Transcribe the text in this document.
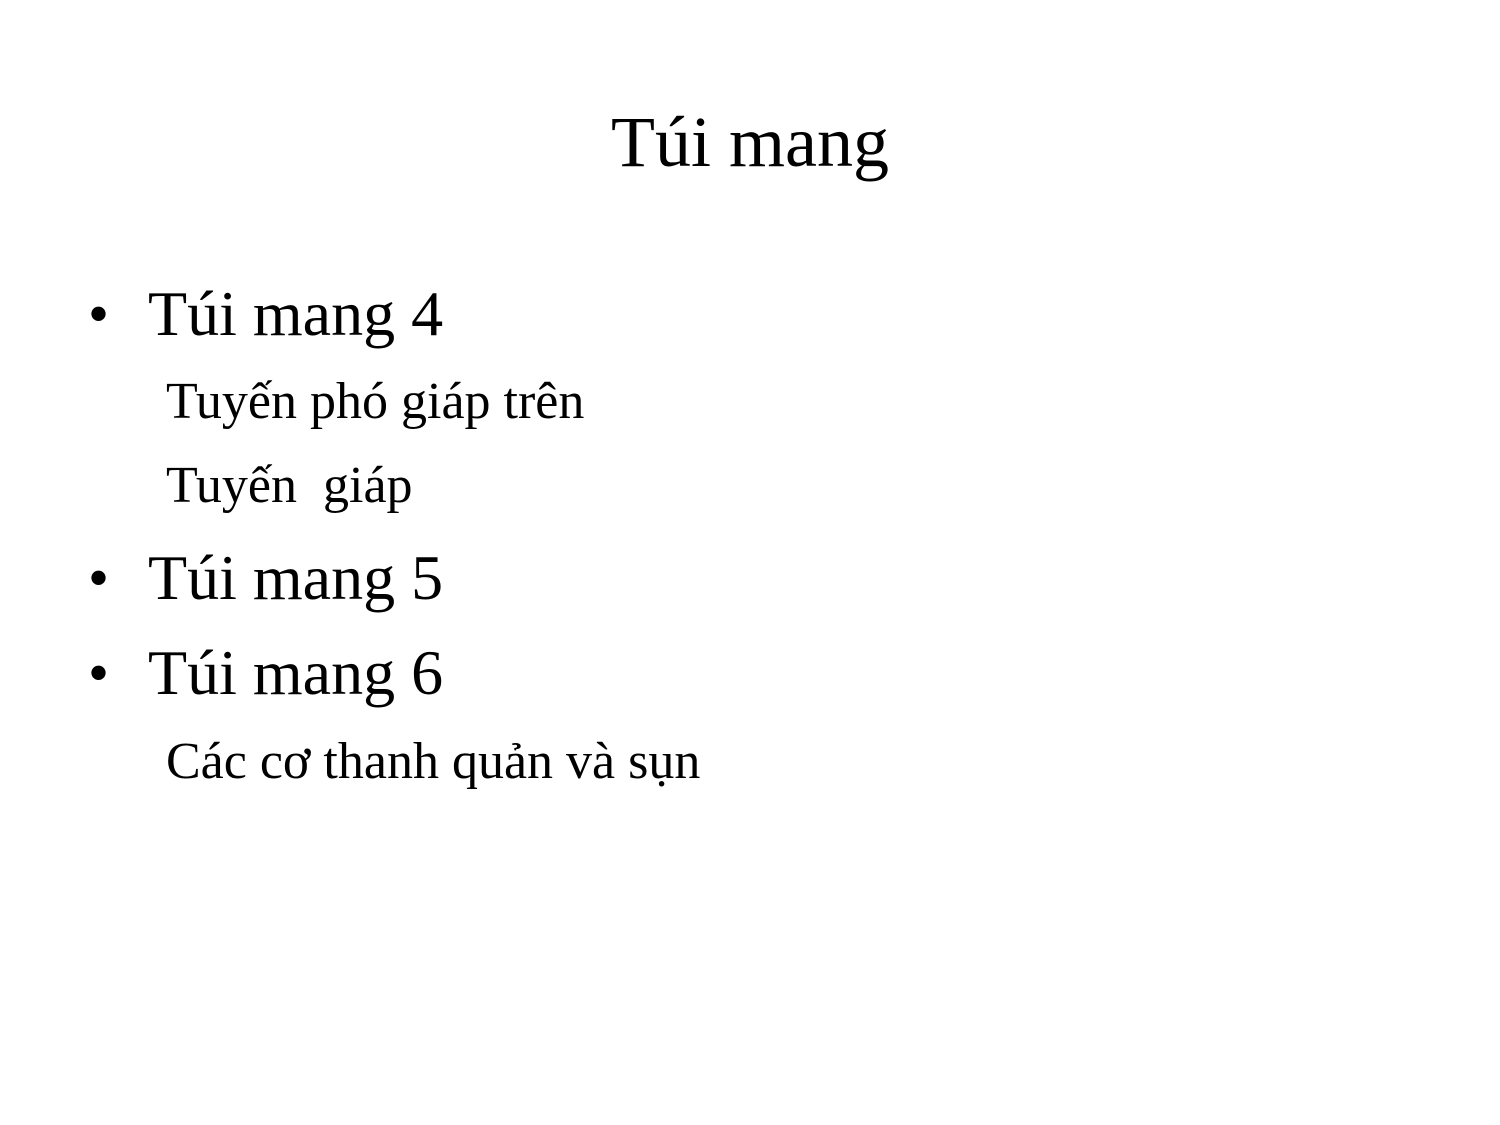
Túi mang
• Túi mang 4
Tuyến phó giáp trên
Tuyến  giáp
• Túi mang 5
• Túi mang 6
Các cơ thanh quản và sụn
